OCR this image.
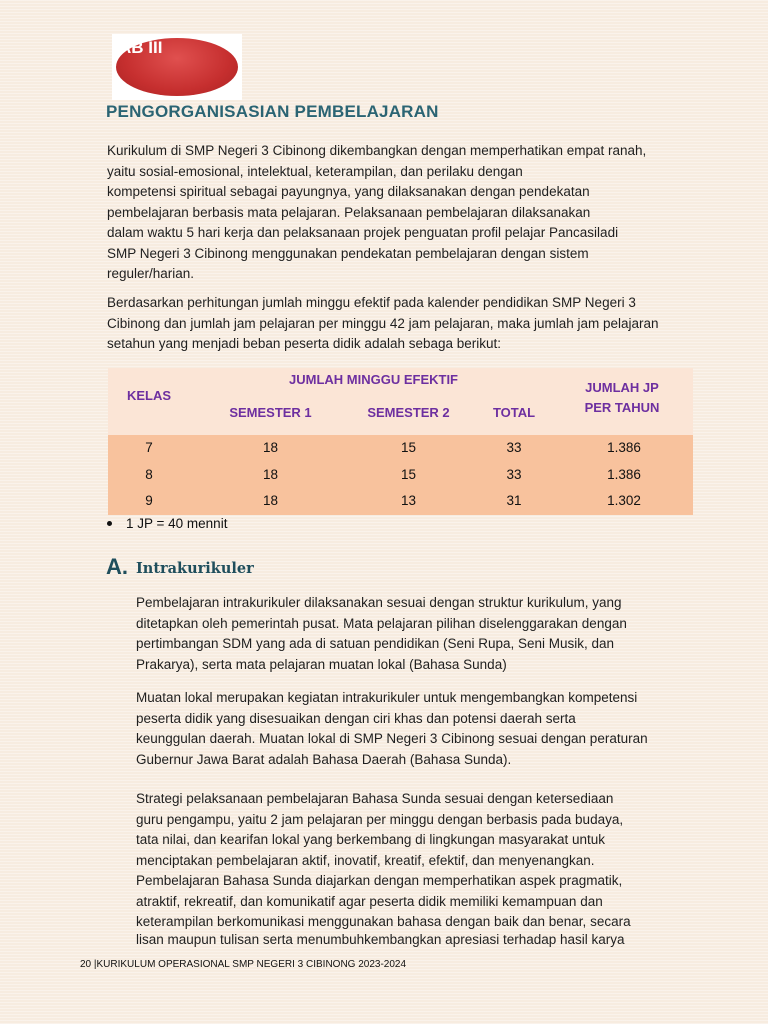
AB III
PENGORGANISASIAN PEMBELAJARAN
Kurikulum di SMP Negeri 3 Cibinong dikembangkan dengan memperhatikan empat ranah,
yaitu sosial-emosional, intelektual, keterampilan, dan perilaku dengan
kompetensi spiritual sebagai payungnya, yang dilaksanakan dengan pendekatan
pembelajaran berbasis mata pelajaran. Pelaksanaan pembelajaran dilaksanakan
dalam waktu 5 hari kerja dan pelaksanaan projek penguatan profil pelajar Pancasiladi
SMP Negeri 3 Cibinong menggunakan pendekatan pembelajaran dengan sistem
reguler/harian.
Berdasarkan perhitungan jumlah minggu efektif pada kalender pendidikan SMP Negeri 3
Cibinong dan jumlah jam pelajaran per minggu 42 jam pelajaran, maka jumlah jam pelajaran
setahun yang menjadi beban peserta didik adalah sebaga berikut:
KELAS
JUMLAH MINGGU EFEKTIF
SEMESTER 1	SEMESTER 2	TOTAL
JUMLAH JP
PER TAHUN
7	18	15	33	1.386
8	18	15	33	1.386
9	18	13	31	1.302
1 JP = 40 mennit
A. Intrakurikuler
Pembelajaran intrakurikuler dilaksanakan sesuai dengan struktur kurikulum, yang
ditetapkan oleh pemerintah pusat. Mata pelajaran pilihan diselenggarakan dengan
pertimbangan SDM yang ada di satuan pendidikan (Seni Rupa, Seni Musik, dan
Prakarya), serta mata pelajaran muatan lokal (Bahasa Sunda)
Muatan lokal merupakan kegiatan intrakurikuler untuk mengembangkan kompetensi
peserta didik yang disesuaikan dengan ciri khas dan potensi daerah serta
keunggulan daerah. Muatan lokal di SMP Negeri 3 Cibinong sesuai dengan peraturan
Gubernur Jawa Barat adalah Bahasa Daerah (Bahasa Sunda).
Strategi pelaksanaan pembelajaran Bahasa Sunda sesuai dengan ketersediaan
guru pengampu, yaitu 2 jam pelajaran per minggu dengan berbasis pada budaya,
tata nilai, dan kearifan lokal yang berkembang di lingkungan masyarakat untuk
menciptakan pembelajaran aktif, inovatif, kreatif, efektif, dan menyenangkan.
Pembelajaran Bahasa Sunda diajarkan dengan memperhatikan aspek pragmatik,
atraktif, rekreatif, dan komunikatif agar peserta didik memiliki kemampuan dan
keterampilan berkomunikasi menggunakan bahasa dengan baik dan benar, secara
lisan maupun tulisan serta menumbuhkembangkan apresiasi terhadap hasil karya
20 |KURIKULUM OPERASIONAL SMP NEGERI 3 CIBINONG 2023-2024
